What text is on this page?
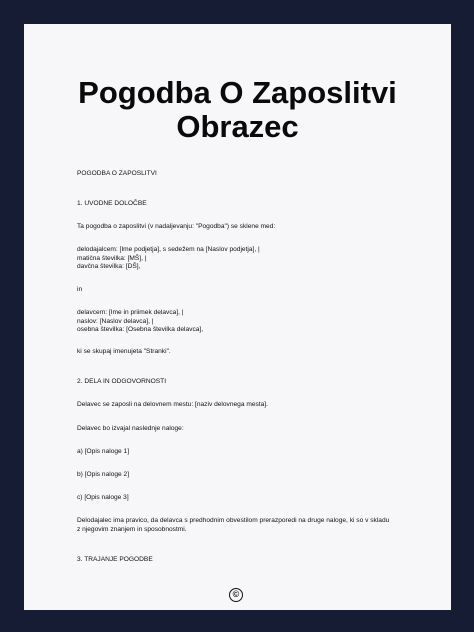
Pogodba O Zaposlitvi
Obrazec

POGODBA O ZAPOSLITVI

1. UVODNE DOLOČBE

Ta pogodba o zaposlitvi (v nadaljevanju: "Pogodba") se sklene med:

delodajalcem: [Ime podjetja], s sedežem na [Naslov podjetja], |
matična številka: [MŠ], |
davčna številka: [DŠ],

in

delavcem: [Ime in priimek delavca], |
naslov: [Naslov delavca], |
osebna številka: [Osebna številka delavca],

ki se skupaj imenujeta "Stranki".

2. DELA IN ODGOVORNOSTI

Delavec se zaposli na delovnem mestu: [naziv delovnega mesta].

Delavec bo izvajal naslednje naloge:

a) [Opis naloge 1]

b) [Opis naloge 2]

c) [Opis naloge 3]

Delodajalec ima pravico, da delavca s predhodnim obvestilom prerazporedi na druge naloge, ki so v skladu
z njegovim znanjem in sposobnostmi.

3. TRAJANJE POGODBE

©
